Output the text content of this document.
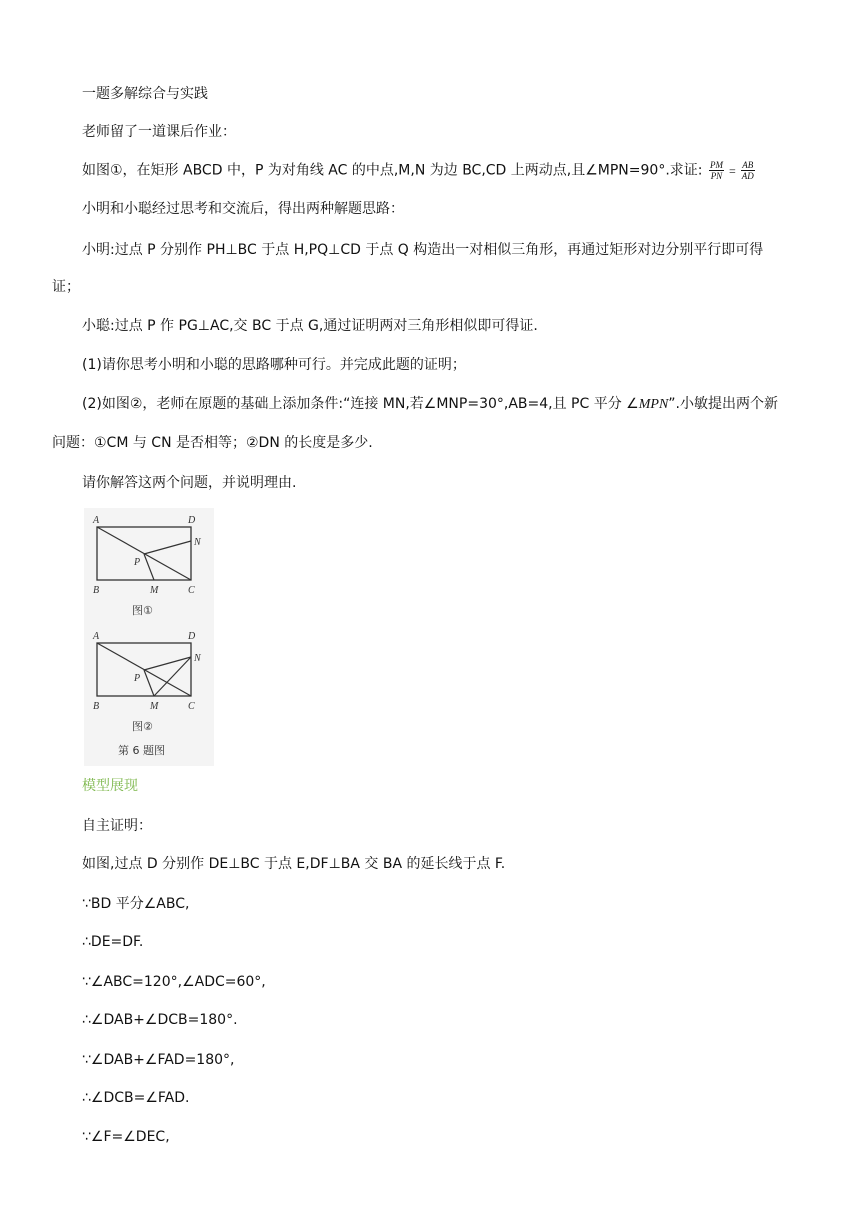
一题多解综合与实践
老师留了一道课后作业：
如图①，在矩形 ABCD 中，P 为对角线 AC 的中点,M,N 为边 BC,CD 上两动点,且∠MPN=90°.求证: $\frac{PM}{PN} = \frac{AB}{AD}$
小明和小聪经过思考和交流后，得出两种解题思路：
小明:过点 P 分别作 PH⊥BC 于点 H,PQ⊥CD 于点 Q 构造出一对相似三角形，再通过矩形对边分别平行即可得
证；
小聪:过点 P 作 PG⊥AC,交 BC 于点 G,通过证明两对三角形相似即可得证.
(1)请你思考小明和小聪的思路哪种可行。并完成此题的证明；
(2)如图②，老师在原题的基础上添加条件:“连接 MN,若∠MNP=30°,AB=4,且 PC 平分 ∠MPN”.小敏提出两个新
问题：①CM 与 CN 是否相等；②DN 的长度是多少.
请你解答这两个问题，并说明理由.
A	D
N
P
B	M	C
图①
A	D
N
P
B	M	C
图②
第 6 题图
模型展现
自主证明：
如图,过点 D 分别作 DE⊥BC 于点 E,DF⊥BA 交 BA 的延长线于点 F.
∵BD 平分∠ABC,
∴DE=DF.
∵∠ABC=120°,∠ADC=60°,
∴∠DAB+∠DCB=180°.
∵∠DAB+∠FAD=180°,
∴∠DCB=∠FAD.
∵∠F=∠DEC,
